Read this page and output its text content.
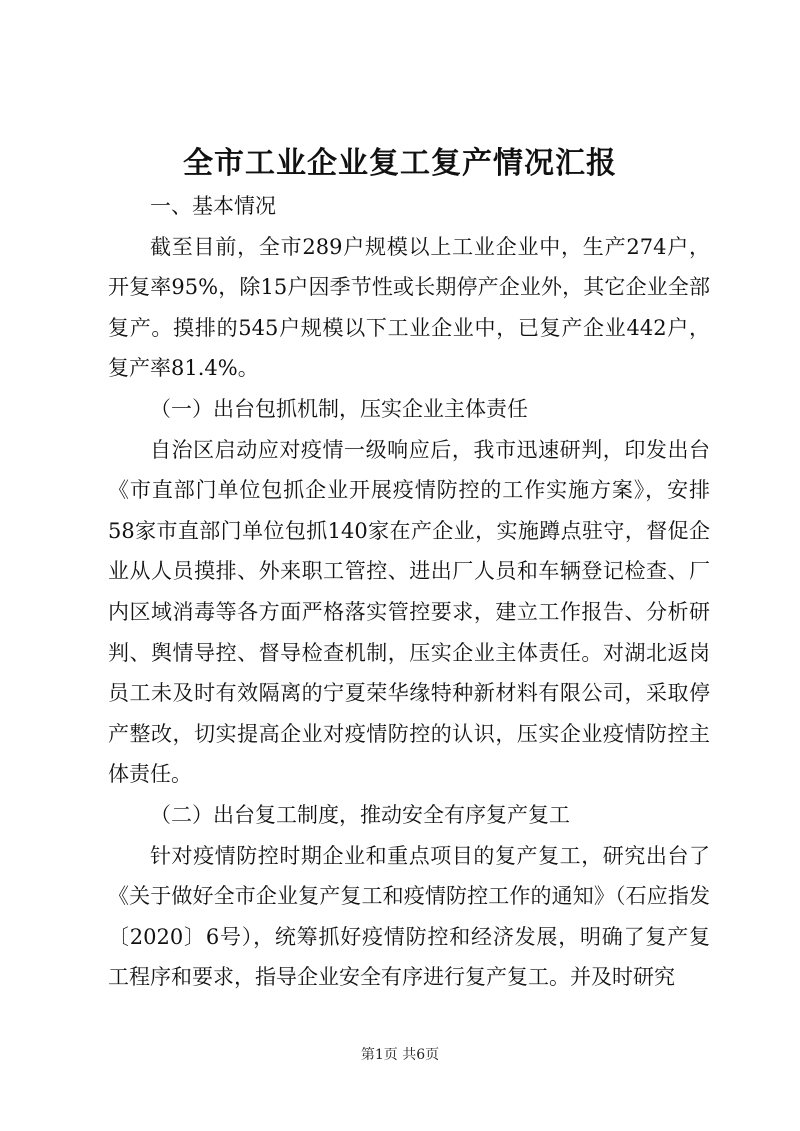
全市工业企业复工复产情况汇报

一、基本情况

截至目前，全市289户规模以上工业企业中，生产274户，开复率95%，除15户因季节性或长期停产企业外，其它企业全部复产。摸排的545户规模以下工业企业中，已复产企业442户，复产率81.4%。

（一）出台包抓机制，压实企业主体责任

自治区启动应对疫情一级响应后，我市迅速研判，印发出台《市直部门单位包抓企业开展疫情防控的工作实施方案》，安排58家市直部门单位包抓140家在产企业，实施蹲点驻守，督促企业从人员摸排、外来职工管控、进出厂人员和车辆登记检查、厂内区域消毒等各方面严格落实管控要求，建立工作报告、分析研判、舆情导控、督导检查机制，压实企业主体责任。对湖北返岗员工未及时有效隔离的宁夏荣华缘特种新材料有限公司，采取停产整改，切实提高企业对疫情防控的认识，压实企业疫情防控主体责任。

（二）出台复工制度，推动安全有序复产复工

针对疫情防控时期企业和重点项目的复产复工，研究出台了《关于做好全市企业复产复工和疫情防控工作的通知》（石应指发〔2020〕6号），统筹抓好疫情防控和经济发展，明确了复产复工程序和要求，指导企业安全有序进行复产复工。并及时研究

第1页 共6页
